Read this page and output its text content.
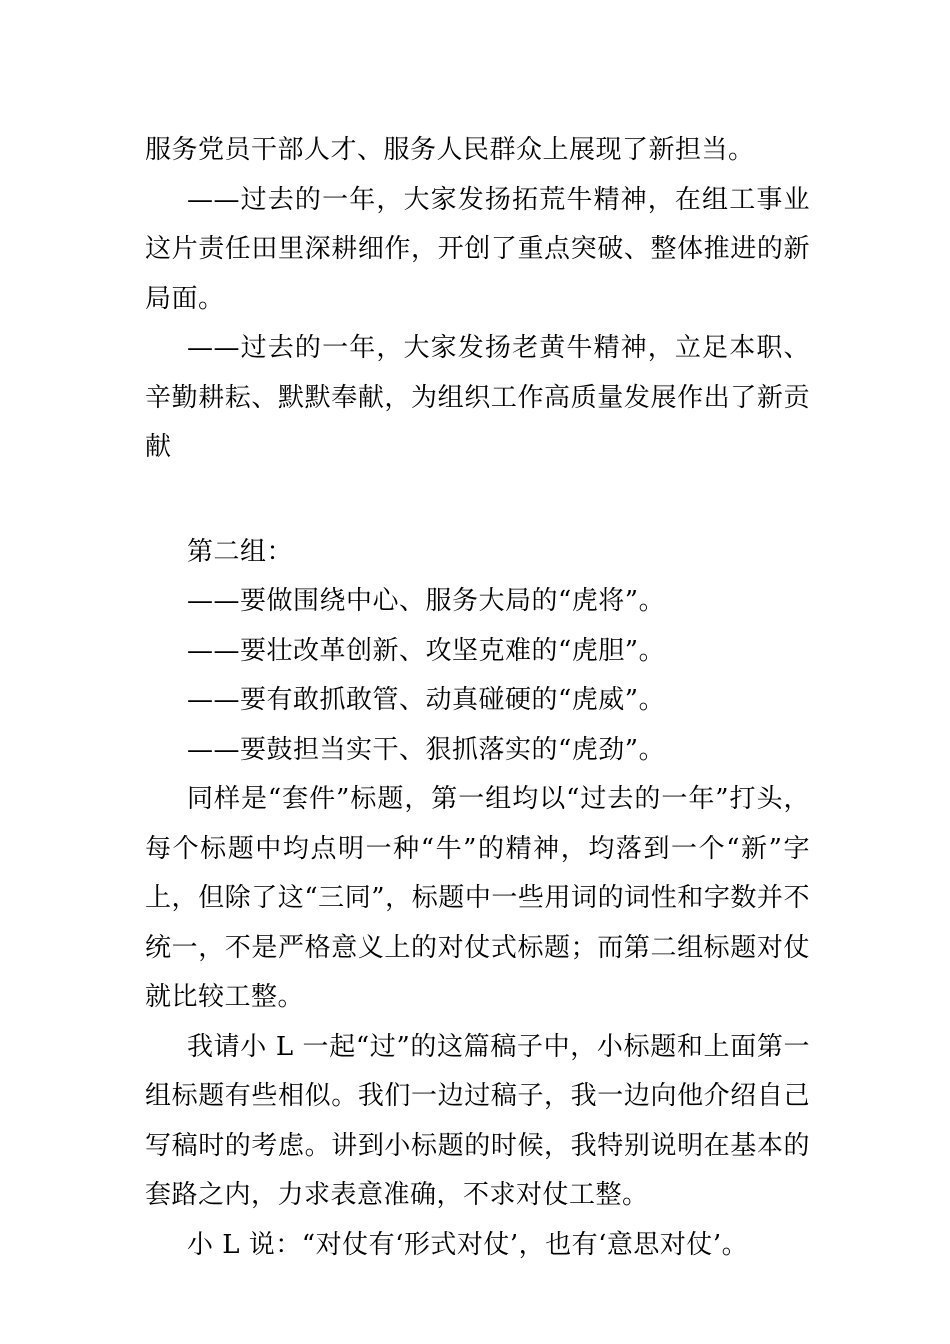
服务党员干部人才、服务人民群众上展现了新担当。

——过去的一年，大家发扬拓荒牛精神，在组工事业这片责任田里深耕细作，开创了重点突破、整体推进的新局面。

——过去的一年，大家发扬老黄牛精神，立足本职、辛勤耕耘、默默奉献，为组织工作高质量发展作出了新贡献

第二组：

——要做围绕中心、服务大局的“虎将”。

——要壮改革创新、攻坚克难的“虎胆”。

——要有敢抓敢管、动真碰硬的“虎威”。

——要鼓担当实干、狠抓落实的“虎劲”。

同样是“套件”标题，第一组均以“过去的一年”打头，每个标题中均点明一种“牛”的精神，均落到一个“新”字上，但除了这“三同”，标题中一些用词的词性和字数并不统一，不是严格意义上的对仗式标题；而第二组标题对仗就比较工整。

我请小 L 一起“过”的这篇稿子中，小标题和上面第一组标题有些相似。我们一边过稿子，我一边向他介绍自己写稿时的考虑。讲到小标题的时候，我特别说明在基本的套路之内，力求表意准确，不求对仗工整。

小 L 说：“对仗有‘形式对仗’，也有‘意思对仗’。
